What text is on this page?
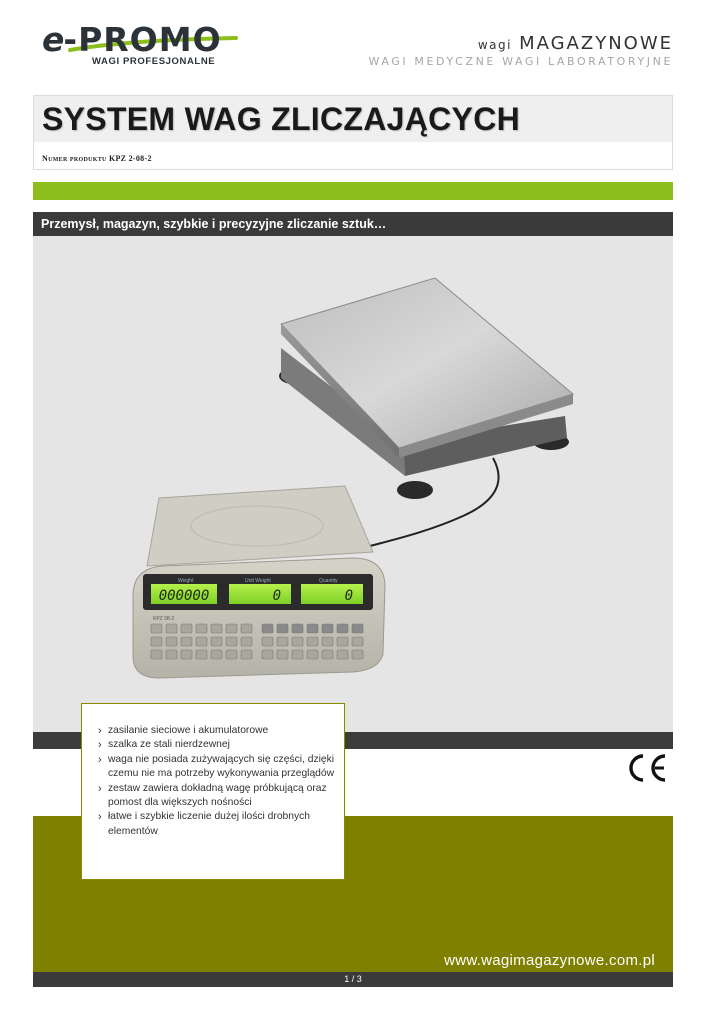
e-PROMO
WAGI PROFESJONALNE
wagi MAGAZYNOWE
WAGI MEDYCZNE WAGI LABORATORYJNE
SYSTEM WAG ZLICZAJĄCYCH
Numer produktu KPZ 2-08-2
Przemysł, magazyn, szybkie i precyzyjne zliczanie sztuk…
Weight	Unit Weight	Quantity
000000	0	0
KPZ 08-2
› zasilanie sieciowe i akumulatorowe
› szalka ze stali nierdzewnej
› waga nie posiada zużywających się części, dzięki czemu nie ma potrzeby wykonywania przeglądów
› zestaw zawiera dokładną wagę próbkującą oraz pomost dla większych nośności
› łatwe i szybkie liczenie dużej ilości drobnych elementów
www.wagimagazynowe.com.pl
1 / 3
